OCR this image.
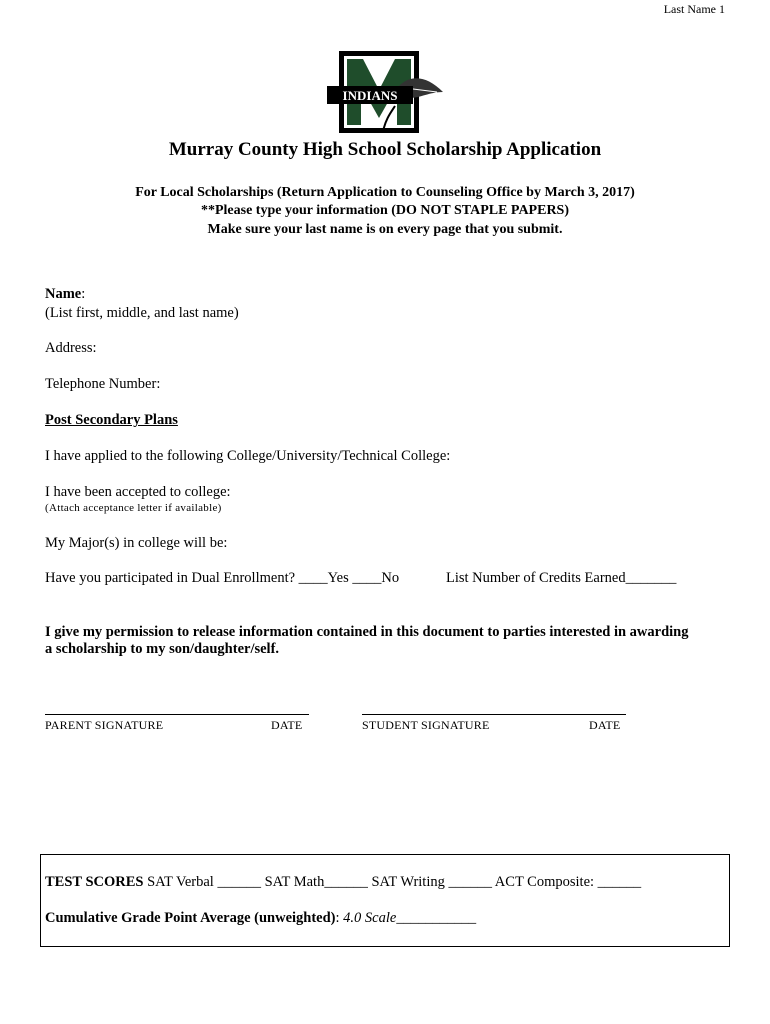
Last Name 1
INDIANS
Murray County High School Scholarship Application
For Local Scholarships (Return Application to Counseling Office by March 3, 2017)
**Please type your information (DO NOT STAPLE PAPERS)
Make sure your last name is on every page that you submit.
Name:
(List first, middle, and last name)
Address:
Telephone Number:
Post Secondary Plans
I have applied to the following College/University/Technical College:
I have been accepted to college:
(Attach acceptance letter if available)
My Major(s) in college will be:
Have you participated in Dual Enrollment? ____Yes ____No	List Number of Credits Earned_______
I give my permission to release information contained in this document to parties interested in awarding
a scholarship to my son/daughter/self.
PARENT SIGNATURE	DATE	STUDENT SIGNATURE	DATE
TEST SCORES SAT Verbal ______ SAT Math______ SAT Writing ______ ACT Composite: ______
Cumulative Grade Point Average (unweighted): 4.0 Scale___________
